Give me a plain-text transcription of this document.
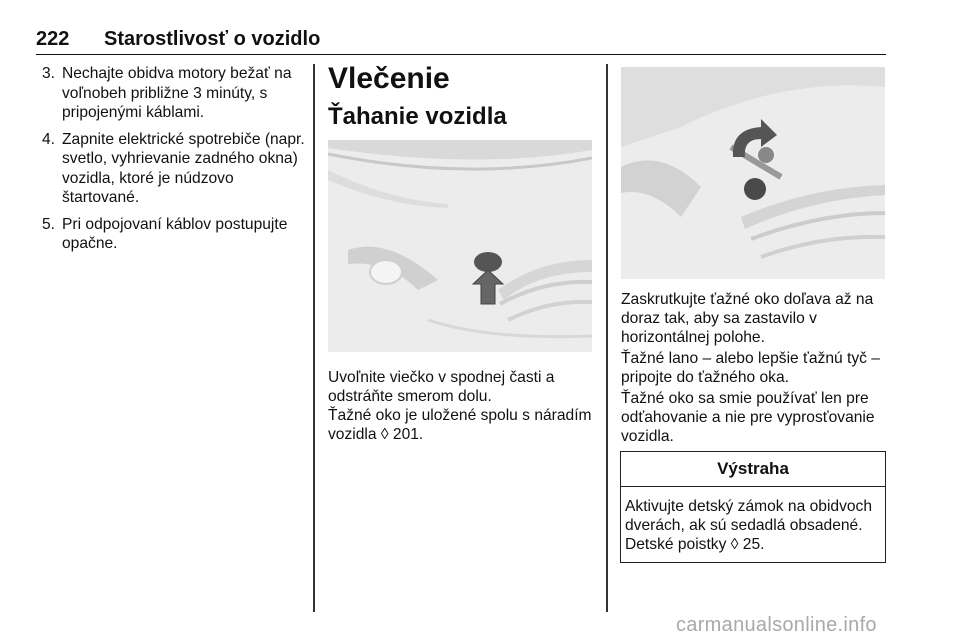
222 Starostlivosť o vozidlo
3. Nechajte obidva motory bežať na voľnobeh približne 3 minúty, s pripojenými káblami.
4. Zapnite elektrické spotrebiče (napr. svetlo, vyhrievanie zadného okna) vozidla, ktoré je núdzovo štartované.
5. Pri odpojovaní káblov postupujte opačne.
Vlečenie
Ťahanie vozidla

Uvoľnite viečko v spodnej časti a odstráňte smerom dolu.

Ťažné oko je uložené spolu s náradím vozidla ◊ 201.

Zaskrutkujte ťažné oko doľava až na doraz tak, aby sa zastavilo v horizontálnej polohe.

Ťažné lano – alebo lepšie ťažnú tyč – pripojte do ťažného oka.

Ťažné oko sa smie používať len pre odťahovanie a nie pre vyprosťovanie vozidla.

Výstraha
Aktivujte detský zámok na obidvoch dverách, ak sú sedadlá obsadené. Detské poistky ◊ 25.
carmanualsonline.info
